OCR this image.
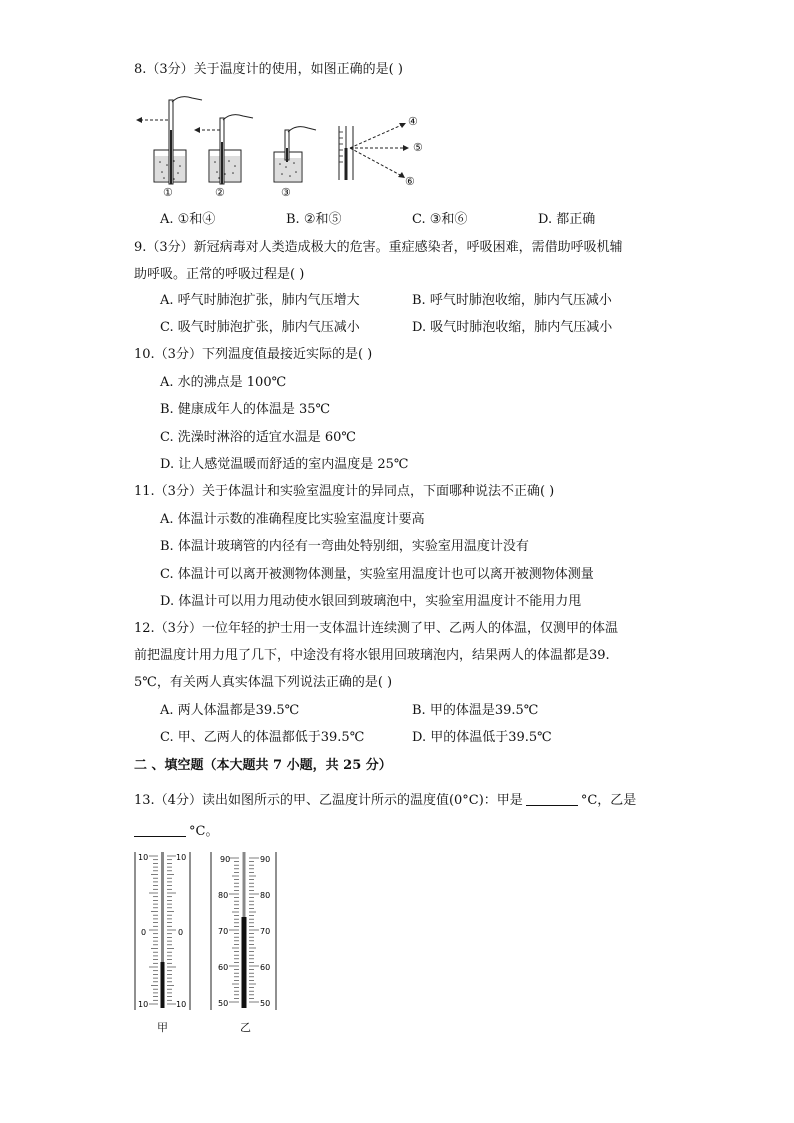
8.（3分）关于温度计的使用，如图正确的是( )
①	②	③
④
⑤
⑥
A. ①和④	B. ②和⑤	C. ③和⑥	D. 都正确
9.（3分）新冠病毒对人类造成极大的危害。重症感染者，呼吸困难，需借助呼吸机辅
助呼吸。正常的呼吸过程是( )
A. 呼气时肺泡扩张，肺内气压增大	B. 呼气时肺泡收缩，肺内气压减小
C. 吸气时肺泡扩张，肺内气压减小	D. 吸气时肺泡收缩，肺内气压减小
10.（3分）下列温度值最接近实际的是( )
A. 水的沸点是 100℃
B. 健康成年人的体温是 35℃
C. 洗澡时淋浴的适宜水温是 60℃
D. 让人感觉温暖而舒适的室内温度是 25℃
11.（3分）关于体温计和实验室温度计的异同点，下面哪种说法不正确( )
A. 体温计示数的准确程度比实验室温度计要高
B. 体温计玻璃管的内径有一弯曲处特别细，实验室用温度计没有
C. 体温计可以离开被测物体测量，实验室用温度计也可以离开被测物体测量
D. 体温计可以用力甩动使水银回到玻璃泡中，实验室用温度计不能用力甩
12.（3分）一位年轻的护士用一支体温计连续测了甲、乙两人的体温，仅测甲的体温
前把温度计用力甩了几下，中途没有将水银用回玻璃泡内，结果两人的体温都是39.
5℃，有关两人真实体温下列说法正确的是( )
A. 两人体温都是39.5℃	B. 甲的体温是39.5℃
C. 甲、乙两人的体温都低于39.5℃	D. 甲的体温低于39.5℃
二 、填空题（本大题共 7 小题，共 25 分）
13.（4分）读出如图所示的甲、乙温度计所示的温度值(0°C)⁠：甲是	°C，乙是
°C。
10	10
0	0
10	10
甲
90	90
80	80
70	70
60	60
50	50
乙
